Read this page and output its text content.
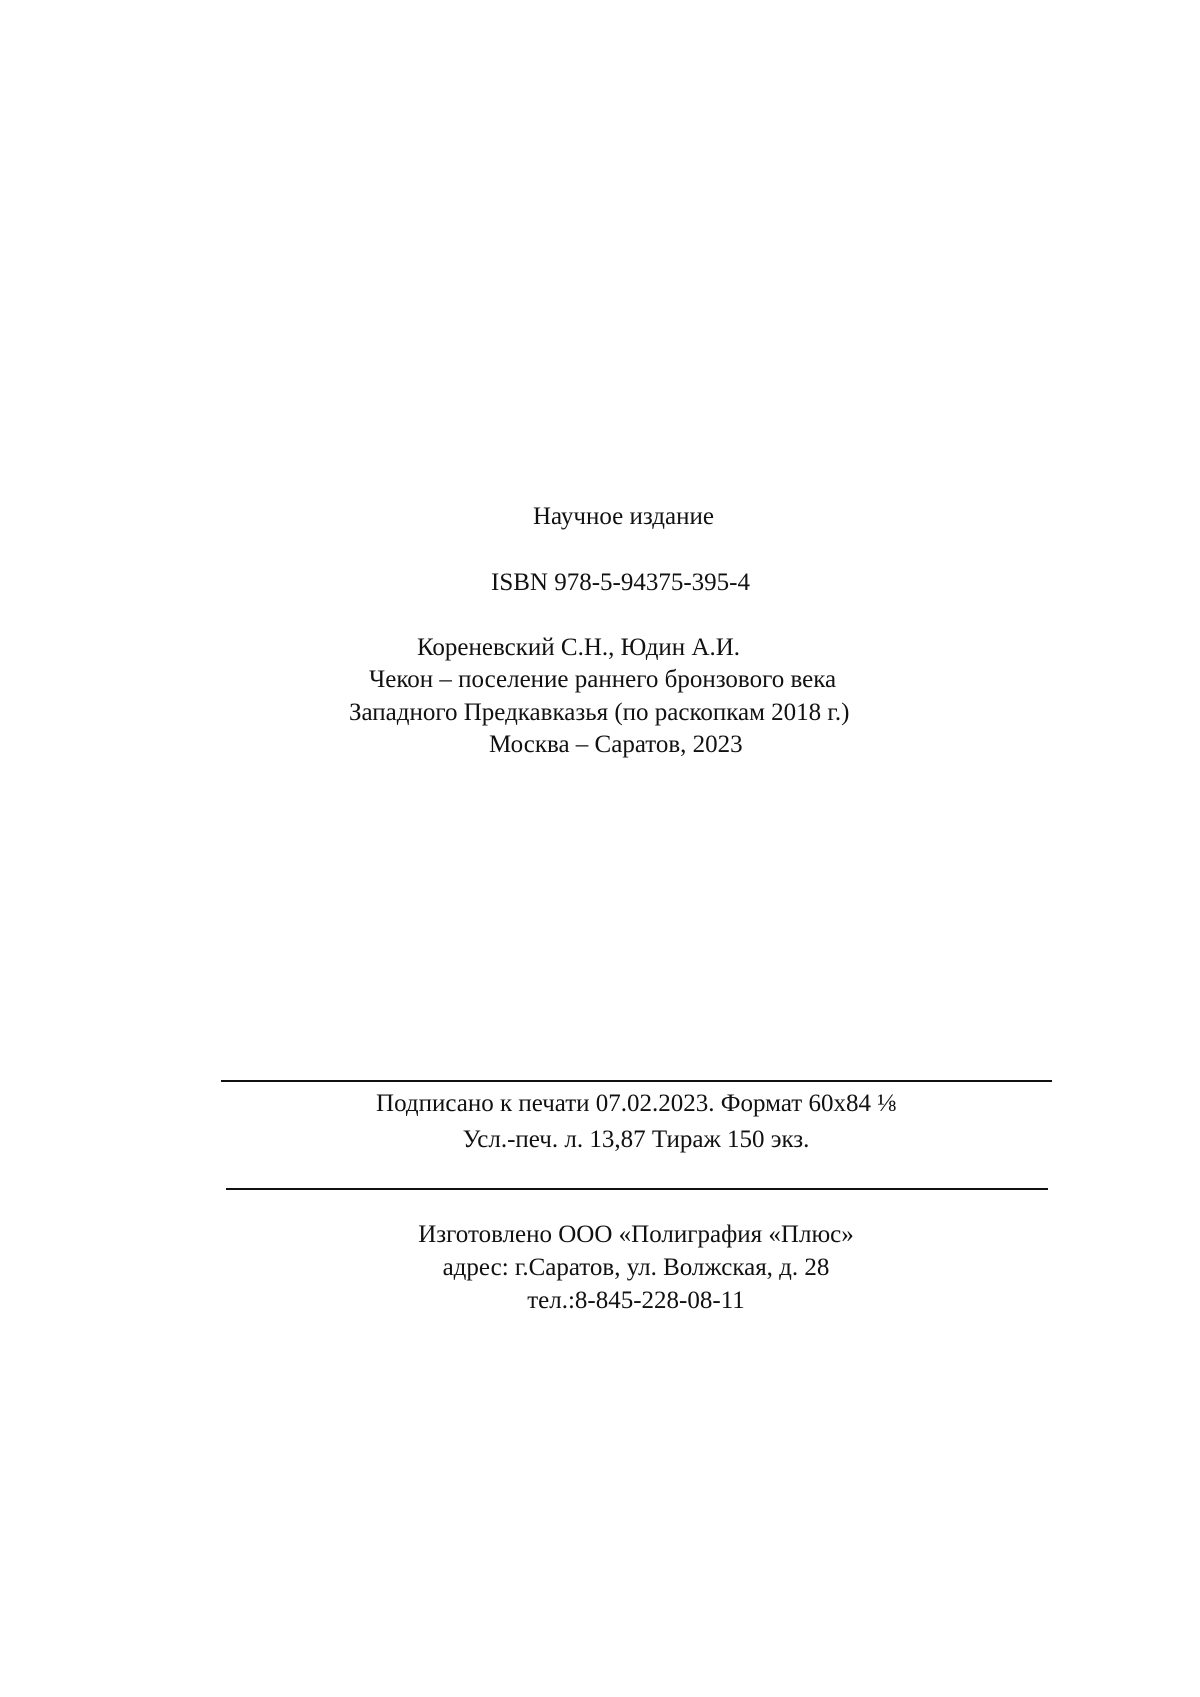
Научное издание
ISBN 978-5-94375-395-4
Кореневский С.Н., Юдин А.И.
Чекон – поселение раннего бронзового века
Западного Предкавказья (по раскопкам 2018 г.)
Москва – Саратов, 2023
Подписано к печати 07.02.2023. Формат 60х84 ⅛
Усл.-печ. л. 13,87 Тираж 150 экз.
Изготовлено ООО «Полиграфия «Плюс»
адрес: г.Саратов, ул. Волжская, д. 28
тел.:8-845-228-08-11
